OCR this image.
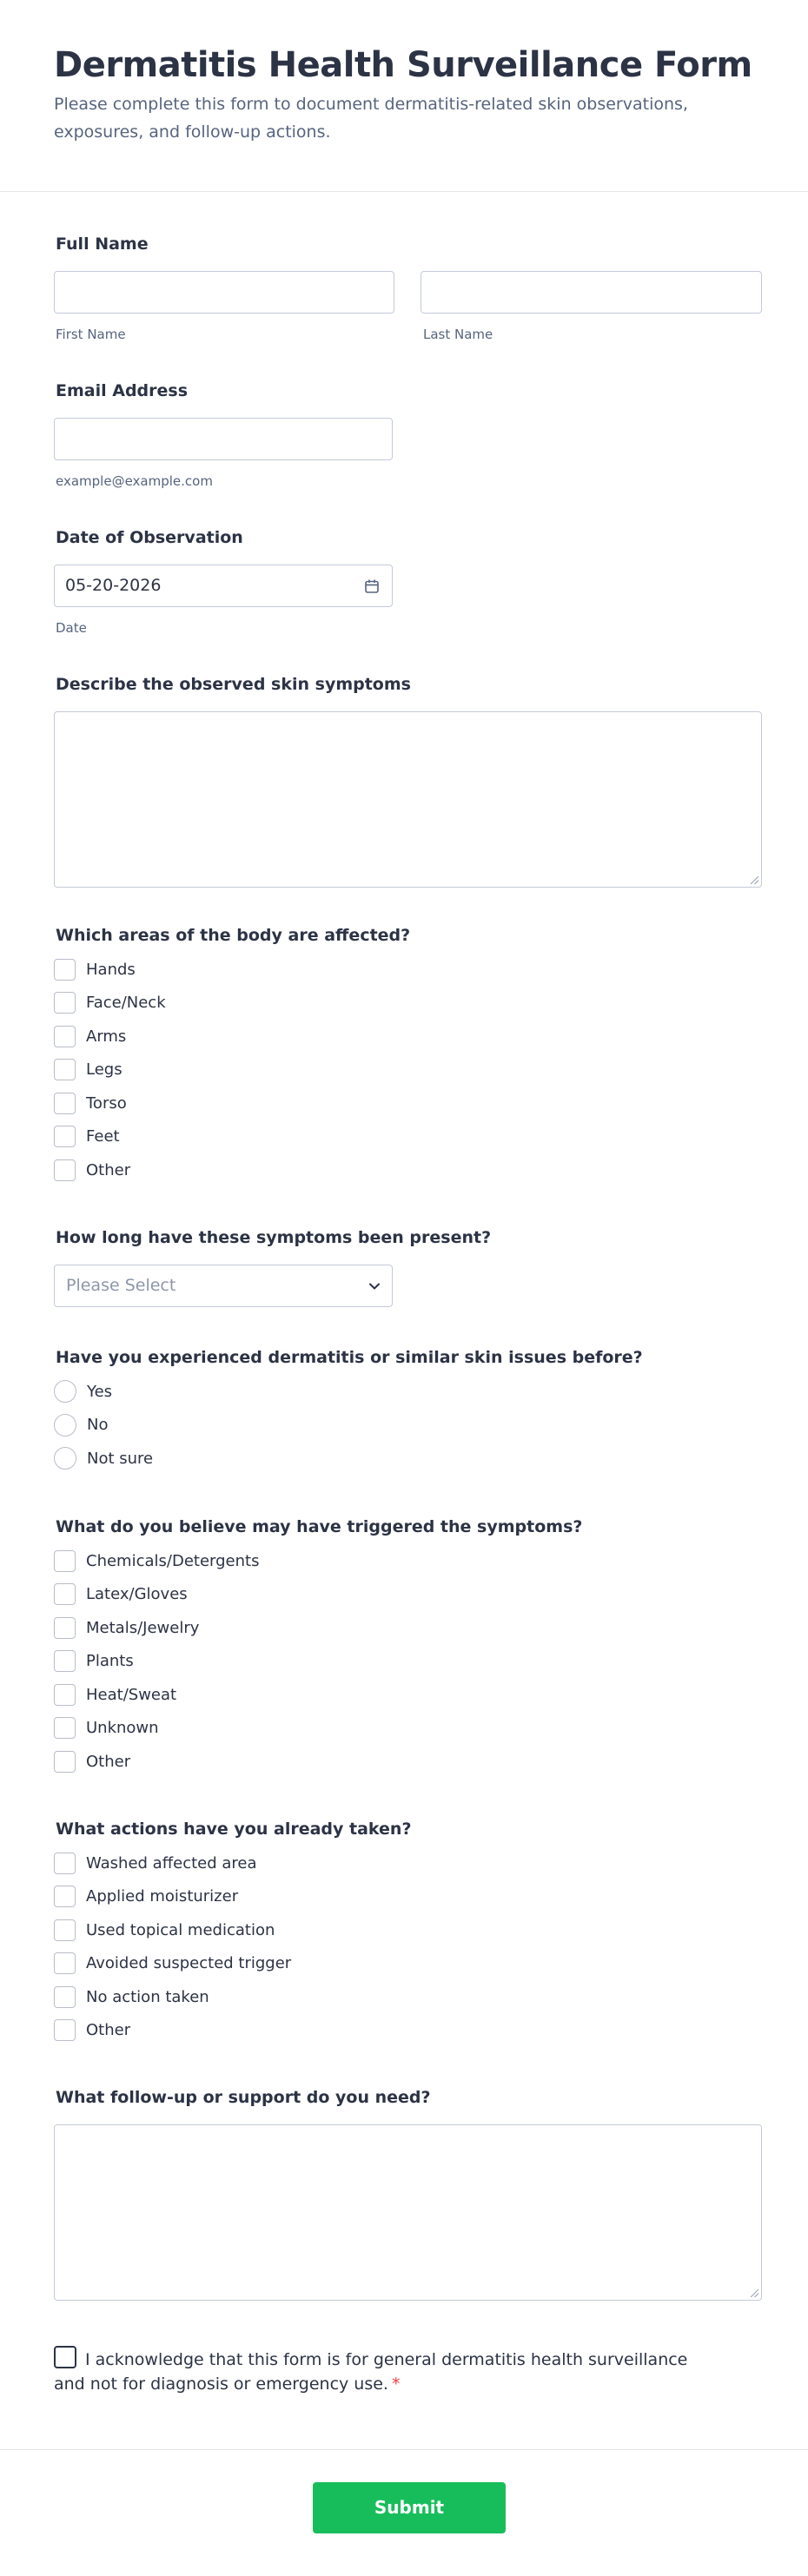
Dermatitis Health Surveillance Form

Please complete this form to document dermatitis-related skin observations, exposures, and follow-up actions.

Full Name
First Name	Last Name
Email Address
example@example.com
Date of Observation
05-20-2026
Date
Describe the observed skin symptoms
Which areas of the body are affected?
Hands
Face/Neck
Arms
Legs
Torso
Feet
Other
How long have these symptoms been present?
Please Select
Have you experienced dermatitis or similar skin issues before?
Yes
No
Not sure
What do you believe may have triggered the symptoms?
Chemicals/Detergents
Latex/Gloves
Metals/Jewelry
Plants
Heat/Sweat
Unknown
Other
What actions have you already taken?
Washed affected area
Applied moisturizer
Used topical medication
Avoided suspected trigger
No action taken
Other
What follow-up or support do you need?
I acknowledge that this form is for general dermatitis health surveillance and not for diagnosis or emergency use. *
Submit
